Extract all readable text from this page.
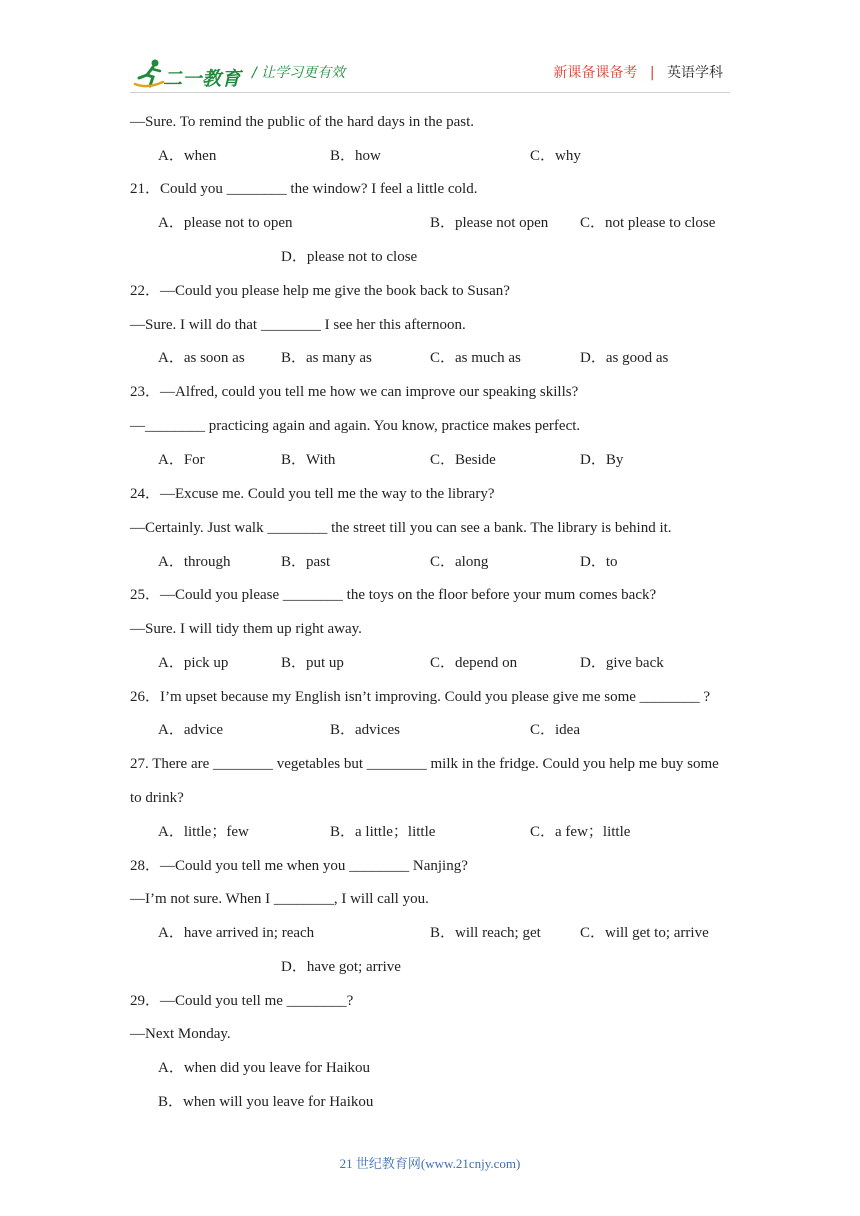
二一教育 / 让学习更有效	新课备课备考 | 英语学科
—Sure. To remind the public of the hard days in the past.
A．when	B．how	C．why
21．Could you ________ the window? I feel a little cold.
A．please not to open	B．please not open C．not please to close
D．please not to close
22．—Could you please help me give the book back to Susan?
—Sure. I will do that ________ I see her this afternoon.
A．as soon as B．as many as	C．as much as	D．as good as
23．—Alfred, could you tell me how we can improve our speaking skills?
—________ practicing again and again. You know, practice makes perfect.
A．For	B．With	C．Beside	D．By
24．—Excuse me. Could you tell me the way to the library?
—Certainly. Just walk ________ the street till you can see a bank. The library is behind it.
A．through	B．past	C．along	D．to
25．—Could you please ________ the toys on the floor before your mum comes back?
—Sure. I will tidy them up right away.
A．pick up	B．put up	C．depend on	D．give back
26．I’m upset because my English isn’t improving. Could you please give me some ________ ?
A．advice	B．advices	C．idea
27. There are ________ vegetables but ________ milk in the fridge. Could you help me buy some
to drink?
A．little；few	B．a little；little	C．a few；little
28．—Could you tell me when you ________ Nanjing?
—I’m not sure. When I ________, I will call you.
A．have arrived in; reach	B．will reach; get	C．will get to; arrive
D．have got; arrive
29．—Could you tell me ________?
—Next Monday.
A．when did you leave for Haikou
B．when will you leave for Haikou
21 世纪教育网(www.21cnjy.com)
